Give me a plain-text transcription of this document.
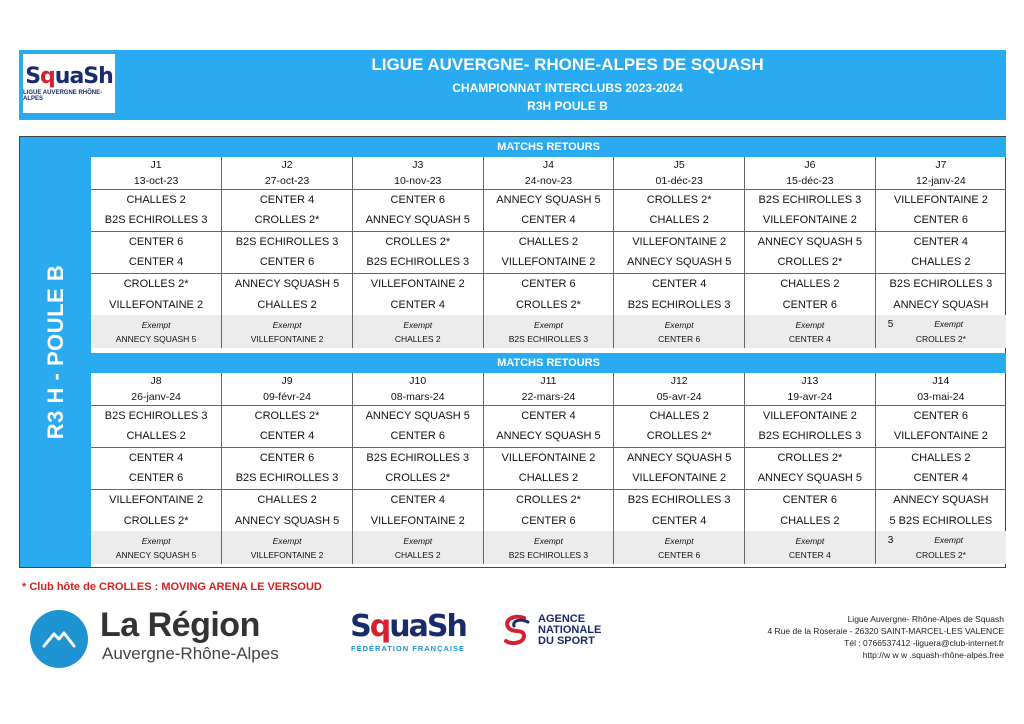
SquaSh
LIGUE AUVERGNE RHÔNE-ALPES
LIGUE AUVERGNE- RHONE-ALPES DE SQUASH
CHAMPIONNAT INTERCLUBS 2023-2024
R3H POULE B
R3 H - POULE B
MATCHS RETOURS
J1	J2	J3	J4	J5	J6	J7
13-oct-23	27-oct-23	10-nov-23	24-nov-23	01-déc-23	15-déc-23	12-janv-24
CHALLES 2	CENTER 4	CENTER 6	ANNECY SQUASH 5	CROLLES 2*	B2S ECHIROLLES 3	VILLEFONTAINE 2
B2S ECHIROLLES 3	CROLLES 2*	ANNECY SQUASH 5	CENTER 4	CHALLES 2	VILLEFONTAINE 2	CENTER 6
CENTER 6	B2S ECHIROLLES 3	CROLLES 2*	CHALLES 2	VILLEFONTAINE 2	ANNECY SQUASH 5	CENTER 4
CENTER 4	CENTER 6	B2S ECHIROLLES 3	VILLEFONTAINE 2	ANNECY SQUASH 5	CROLLES 2*	CHALLES 2
CROLLES 2*	ANNECY SQUASH 5	VILLEFONTAINE 2	CENTER 6	CENTER 4	CHALLES 2	B2S ECHIROLLES 3
VILLEFONTAINE 2	CHALLES 2	CENTER 4	CROLLES 2*	B2S ECHIROLLES 3	CENTER 6	ANNECY SQUASH
Exempt	Exempt	Exempt	Exempt	Exempt	Exempt	5 Exempt
ANNECY SQUASH 5	VILLEFONTAINE 2	CHALLES 2	B2S ECHIROLLES 3	CENTER 6	CENTER 4	CROLLES 2*
MATCHS RETOURS
J8	J9	J10	J11	J12	J13	J14
26-janv-24	09-févr-24	08-mars-24	22-mars-24	05-avr-24	19-avr-24	03-mai-24
B2S ECHIROLLES 3	CROLLES 2*	ANNECY SQUASH 5	CENTER 4	CHALLES 2	VILLEFONTAINE 2	CENTER 6
CHALLES 2	CENTER 4	CENTER 6	ANNECY SQUASH 5	CROLLES 2*	B2S ECHIROLLES 3	VILLEFONTAINE 2
CENTER 4	CENTER 6	B2S ECHIROLLES 3	VILLEFONTAINE 2	ANNECY SQUASH 5	CROLLES 2*	CHALLES 2
CENTER 6	B2S ECHIROLLES 3	CROLLES 2*	CHALLES 2	VILLEFONTAINE 2	ANNECY SQUASH 5	CENTER 4
VILLEFONTAINE 2	CHALLES 2	CENTER 4	CROLLES 2*	B2S ECHIROLLES 3	CENTER 6	ANNECY SQUASH
CROLLES 2*	ANNECY SQUASH 5	VILLEFONTAINE 2	CENTER 6	CENTER 4	CHALLES 2	5 B2S ECHIROLLES
Exempt	Exempt	Exempt	Exempt	Exempt	Exempt	3 Exempt
ANNECY SQUASH 5	VILLEFONTAINE 2	CHALLES 2	B2S ECHIROLLES 3	CENTER 6	CENTER 4	CROLLES 2*
* Club hôte de CROLLES : MOVING ARENA LE VERSOUD
La Région
Auvergne-Rhône-Alpes
SquaSh
FÉDÉRATION FRANÇAISE
AGENCE
NATIONALE
DU SPORT
Ligue Auvergne- Rhône-Alpes de Squash
4 Rue de la Roseraie - 26320 SAINT-MARCEL-LES VALENCE
Tél : 0766537412 -liguera@club-internet.fr
http://w w w .squash-rhône-alpes.free
